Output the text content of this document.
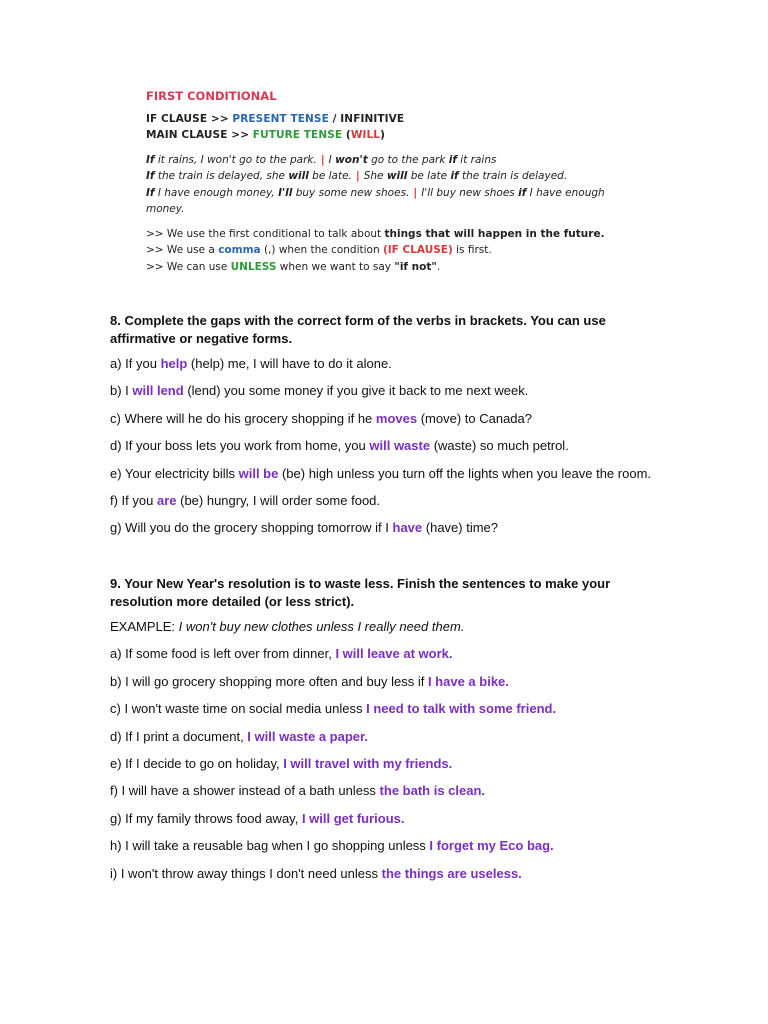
FIRST CONDITIONAL
IF CLAUSE >> PRESENT TENSE / INFINITIVE
MAIN CLAUSE >> FUTURE TENSE (WILL)
If it rains, I won't go to the park. | I won't go to the park if it rains
If the train is delayed, she will be late. | She will be late if the train is delayed.
If I have enough money, I'll buy some new shoes. | I'll buy new shoes if I have enough money.
>> We use the first conditional to talk about things that will happen in the future.
>> We use a comma (,) when the condition (IF CLAUSE) is first.
>> We can use UNLESS when we want to say "if not".
8. Complete the gaps with the correct form of the verbs in brackets. You can use affirmative or negative forms.
a) If you help (help) me, I will have to do it alone.
b) I will lend (lend) you some money if you give it back to me next week.
c) Where will he do his grocery shopping if he moves (move) to Canada?
d) If your boss lets you work from home, you will waste (waste) so much petrol.
e) Your electricity bills will be (be) high unless you turn off the lights when you leave the room.
f) If you are (be) hungry, I will order some food.
g) Will you do the grocery shopping tomorrow if I have (have) time?
9. Your New Year's resolution is to waste less. Finish the sentences to make your resolution more detailed (or less strict).
EXAMPLE: I won't buy new clothes unless I really need them.
a) If some food is left over from dinner, I will leave at work.
b) I will go grocery shopping more often and buy less if I have a bike.
c) I won't waste time on social media unless I need to talk with some friend.
d) If I print a document, I will waste a paper.
e) If I decide to go on holiday, I will travel with my friends.
f) I will have a shower instead of a bath unless the bath is clean.
g) If my family throws food away, I will get furious.
h) I will take a reusable bag when I go shopping unless I forget my Eco bag.
i) I won't throw away things I don't need unless the things are useless.
